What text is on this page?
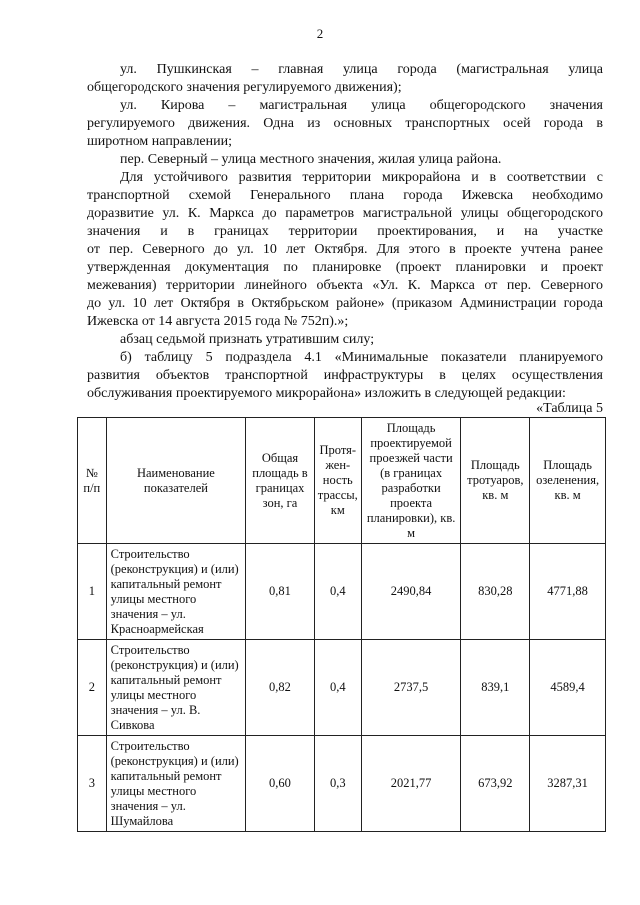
2
ул. Пушкинская – главная улица города (магистральная улица
общегородского значения регулируемого движения);
ул. Кирова – магистральная улица общегородского значения
регулируемого движения. Одна из основных транспортных осей города в
широтном направлении;
пер. Северный – улица местного значения, жилая улица района.
Для устойчивого развития территории микрорайона и в соответствии с
транспортной схемой Генерального плана города Ижевска необходимо
доразвитие ул. К. Маркса до параметров магистральной улицы общегородского
значения и в границах территории проектирования, и на участке
от пер. Северного до ул. 10 лет Октября. Для этого в проекте учтена ранее
утвержденная документация по планировке (проект планировки и проект
межевания) территории линейного объекта «Ул. К. Маркса от пер. Северного
до ул. 10 лет Октября в Октябрьском районе» (приказом Администрации города
Ижевска от 14 августа 2015 года № 752п).»;
абзац седьмой признать утратившим силу;
б) таблицу 5 подраздела 4.1 «Минимальные показатели планируемого
развития объектов транспортной инфраструктуры в целях осуществления
обслуживания проектируемого микрорайона» изложить в следующей редакции:
«Таблица 5
№ п/п	Наименование показателей	Общая площадь в границах зон, га	Протя-жен-ность трассы, км	Площадь проектируемой проезжей части (в границах разработки проекта планировки), кв. м	Площадь тротуаров, кв. м	Площадь озеленения, кв. м
1	Строительство (реконструкция) и (или) капитальный ремонт улицы местного значения – ул. Красноармейская	0,81	0,4	2490,84	830,28	4771,88
2	Строительство (реконструкция) и (или) капитальный ремонт улицы местного значения – ул. В. Сивкова	0,82	0,4	2737,5	839,1	4589,4
3	Строительство (реконструкция) и (или) капитальный ремонт улицы местного значения – ул. Шумайлова	0,60	0,3	2021,77	673,92	3287,31
